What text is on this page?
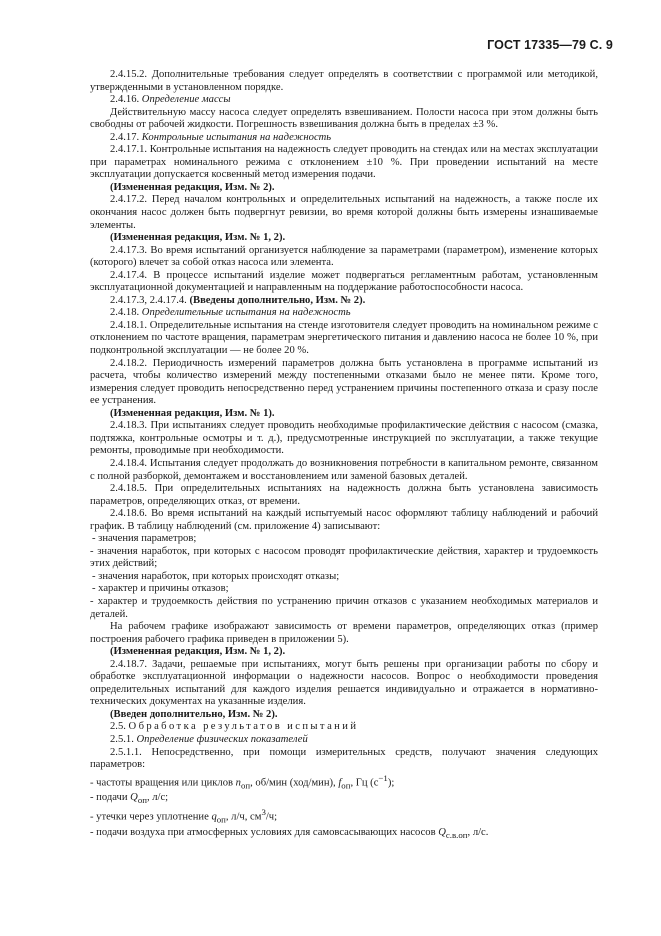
ГОСТ 17335—79 С. 9

2.4.15.2. Дополнительные требования следует определять в соответствии с программой или методикой, утвержденными в установленном порядке.

2.4.16. Определение массы

Действительную массу насоса следует определять взвешиванием. Полости насоса при этом должны быть свободны от рабочей жидкости. Погрешность взвешивания должна быть в пределах ±3 %.

2.4.17. Контрольные испытания на надежность

2.4.17.1. Контрольные испытания на надежность следует проводить на стендах или на местах эксплуатации при параметрах номинального режима с отклонением ±10 %. При проведении испытаний на месте эксплуатации допускается косвенный метод измерения подачи.

(Измененная редакция, Изм. № 2).

2.4.17.2. Перед началом контрольных и определительных испытаний на надежность, а также после их окончания насос должен быть подвергнут ревизии, во время которой должны быть измерены изнашиваемые элементы.

(Измененная редакция, Изм. № 1, 2).

2.4.17.3. Во время испытаний организуется наблюдение за параметрами (параметром), изменение которых (которого) влечет за собой отказ насоса или элемента.

2.4.17.4. В процессе испытаний изделие может подвергаться регламентным работам, установленным эксплуатационной документацией и направленным на поддержание работоспособности насоса.

2.4.17.3, 2.4.17.4. (Введены дополнительно, Изм. № 2).

2.4.18. Определительные испытания на надежность

2.4.18.1. Определительные испытания на стенде изготовителя следует проводить на номинальном режиме с отклонением по частоте вращения, параметрам энергетического питания и давлению насоса не более 10 %, при подконтрольной эксплуатации — не более 20 %.

2.4.18.2. Периодичность измерений параметров должна быть установлена в программе испытаний из расчета, чтобы количество измерений между постепенными отказами было не менее пяти. Кроме того, измерения следует проводить непосредственно перед устранением причины постепенного отказа и сразу после ее устранения.

(Измененная редакция, Изм. № 1).

2.4.18.3. При испытаниях следует проводить необходимые профилактические действия с насосом (смазка, подтяжка, контрольные осмотры и т. д.), предусмотренные инструкцией по эксплуатации, а также текущие ремонты, проводимые при необходимости.

2.4.18.4. Испытания следует продолжать до возникновения потребности в капитальном ремонте, связанном с полной разборкой, демонтажем и восстановлением или заменой базовых деталей.

2.4.18.5. При определительных испытаниях на надежность должна быть установлена зависимость параметров, определяющих отказ, от времени.

2.4.18.6. Во время испытаний на каждый испытуемый насос оформляют таблицу наблюдений и рабочий график. В таблицу наблюдений (см. приложение 4) записывают:

- значения параметров;

- значения наработок, при которых с насосом проводят профилактические действия, характер и трудоемкость этих действий;

- значения наработок, при которых происходят отказы;

- характер и причины отказов;

- характер и трудоемкость действия по устранению причин отказов с указанием необходимых материалов и деталей.

На рабочем графике изображают зависимость от времени параметров, определяющих отказ (пример построения рабочего графика приведен в приложении 5).

(Измененная редакция, Изм. № 1, 2).

2.4.18.7. Задачи, решаемые при испытаниях, могут быть решены при организации работы по сбору и обработке эксплуатационной информации о надежности насосов. Вопрос о необходимости проведения определительных испытаний для каждого изделия решается индивидуально и отражается в нормативно-технических документах на указанные изделия.

(Введен дополнительно, Изм. № 2).

2.5. Обработка результатов испытаний

2.5.1. Определение физических показателей

2.5.1.1. Непосредственно, при помощи измерительных средств, получают значения следующих параметров:

- частоты вращения или циклов $n_{оп}$, об/мин (ход/мин), $f_{оп}$, Гц $(с^{-1})$;

- подачи $Q_{оп}$, л/с;

- утечки через уплотнение $q_{оп}$, л/ч, $см^3/ч$;

- подачи воздуха при атмосферных условиях для самовсасывающих насосов $Q_{с.в.оп}$, л/с.
